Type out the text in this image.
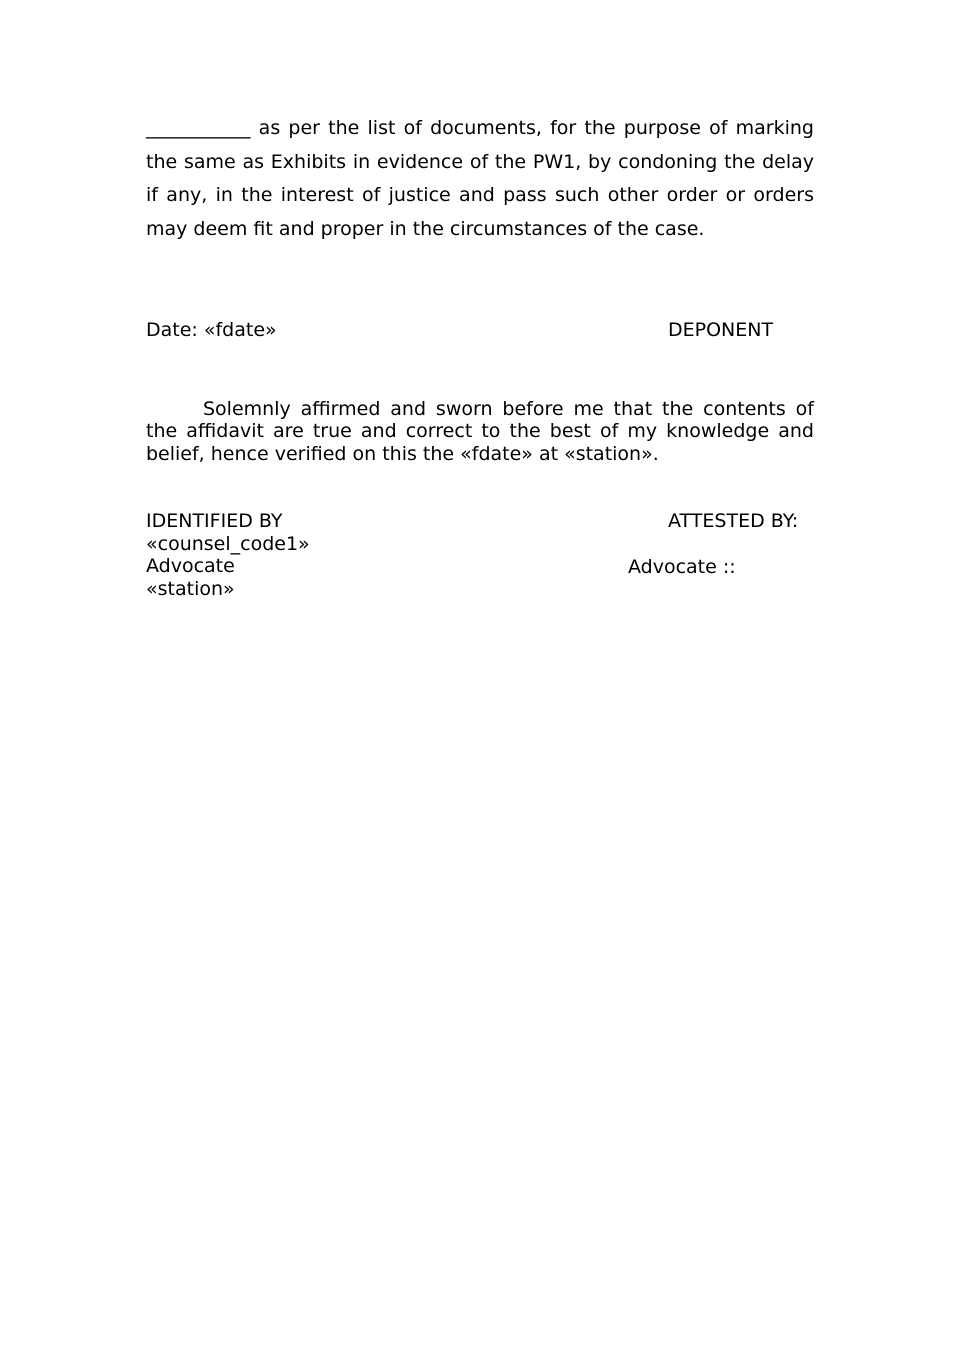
___________ as per the list of documents, for the purpose of marking the same as Exhibits in evidence of the PW1, by condoning the delay if any, in the interest of justice and pass such other order or orders may deem fit and proper in the circumstances of the case.

Date: «fdate»	DEPONENT

Solemnly affirmed and sworn before me that the contents of the affidavit are true and correct to the best of my knowledge and belief, hence verified on this the «fdate» at «station».

IDENTIFIED BY
«counsel_code1»
Advocate
«station»

ATTESTED BY:

Advocate ::
